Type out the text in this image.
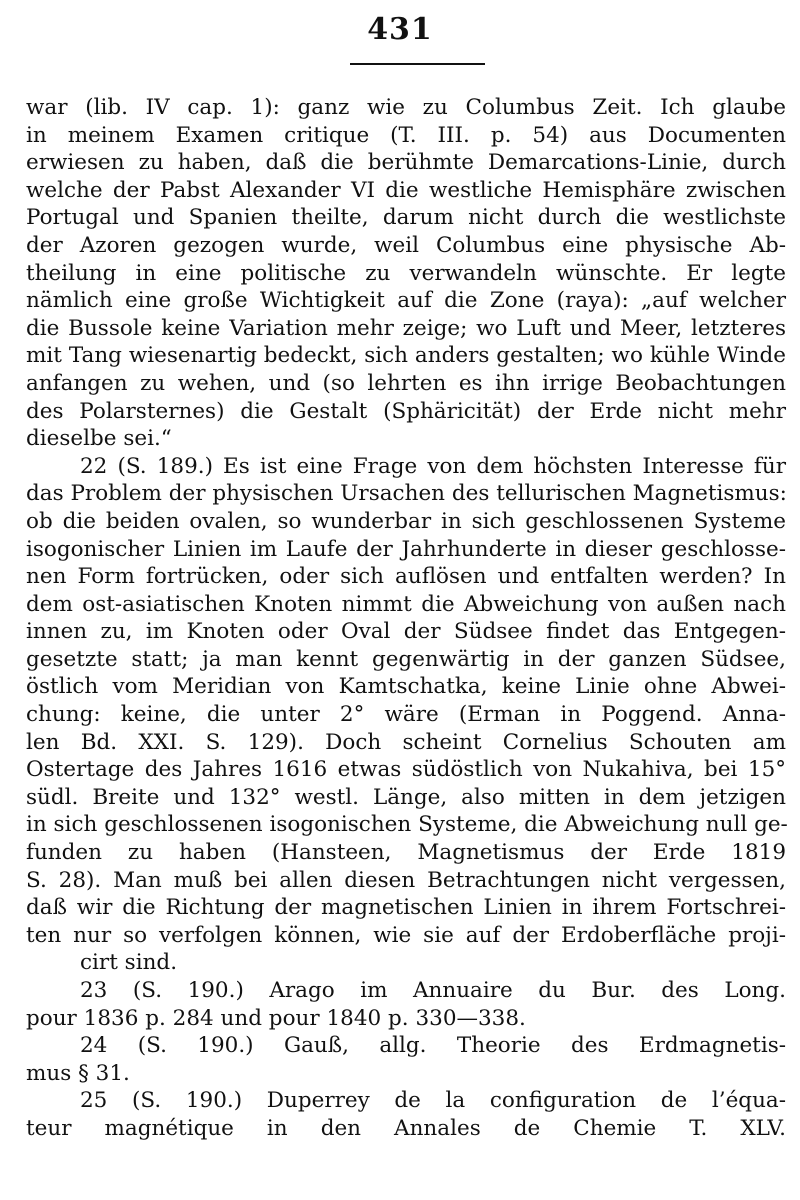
431
war (lib. IV cap. 1): ganz wie zu Columbus Zeit. Ich glaube
in meinem Examen critique (T. III. p. 54) aus Documenten
erwiesen zu haben, daß die berühmte Demarcations-Linie, durch
welche der Pabst Alexander VI die westliche Hemisphäre zwischen
Portugal und Spanien theilte, darum nicht durch die westlichste
der Azoren gezogen wurde, weil Columbus eine physische Ab-
theilung in eine politische zu verwandeln wünschte. Er legte
nämlich eine große Wichtigkeit auf die Zone (raya): „auf welcher
die Bussole keine Variation mehr zeige; wo Luft und Meer, letzteres
mit Tang wiesenartig bedeckt, sich anders gestalten; wo kühle Winde
anfangen zu wehen, und (so lehrten es ihn irrige Beobachtungen
des Polarsternes) die Gestalt (Sphäricität) der Erde nicht mehr
dieselbe sei.“
22 (S. 189.) Es ist eine Frage von dem höchsten Interesse für
das Problem der physischen Ursachen des tellurischen Magnetismus:
ob die beiden ovalen, so wunderbar in sich geschlossenen Systeme
isogonischer Linien im Laufe der Jahrhunderte in dieser geschlosse-
nen Form fortrücken, oder sich auflösen und entfalten werden? In
dem ost-asiatischen Knoten nimmt die Abweichung von außen nach
innen zu, im Knoten oder Oval der Südsee findet das Entgegen-
gesetzte statt; ja man kennt gegenwärtig in der ganzen Südsee,
östlich vom Meridian von Kamtschatka, keine Linie ohne Abwei-
chung: keine, die unter 2° wäre (Erman in Poggend. Anna-
len Bd. XXI. S. 129). Doch scheint Cornelius Schouten am
Ostertage des Jahres 1616 etwas südöstlich von Nukahiva, bei 15°
südl. Breite und 132° westl. Länge, also mitten in dem jetzigen
in sich geschlossenen isogonischen Systeme, die Abweichung null ge-
funden zu haben (Hansteen, Magnetismus der Erde 1819
S. 28). Man muß bei allen diesen Betrachtungen nicht vergessen,
daß wir die Richtung der magnetischen Linien in ihrem Fortschrei-
ten nur so verfolgen können, wie sie auf der Erdoberfläche proji-
cirt sind.
23 (S. 190.) Arago im Annuaire du Bur. des Long.
pour 1836 p. 284 und pour 1840 p. 330—338.
24 (S. 190.) Gauß, allg. Theorie des Erdmagnetis-
mus § 31.
25 (S. 190.) Duperrey de la configuration de l’équa-
teur magnétique in den Annales de Chemie T. XLV.
